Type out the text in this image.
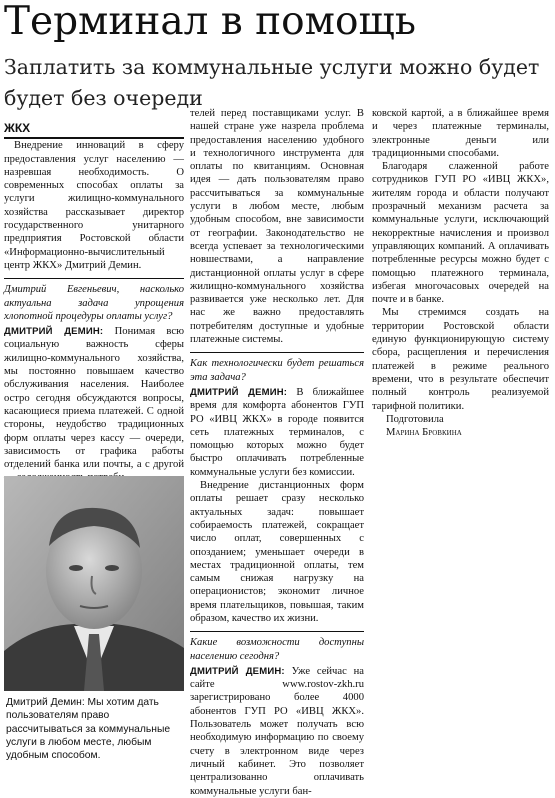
Терминал в помощь
Заплатить за коммунальные услуги можно будет будет без очереди

ЖКХ

Внедрение инноваций в сферу предоставления услуг населению — назревшая необходимость. О современных способах оплаты за услуги жилищно-коммунального хозяйства рассказывает директор государственного унитарного предприятия Ростовской области «Информационно-вычислительный центр ЖКХ» Дмитрий Демин.

Дмитрий Евгеньевич, насколько актуальна задача упрощения хлопотной процедуры оплаты услуг?

ДМИТРИЙ ДЕМИН: Понимая всю социальную важность сферы жилищно-коммунального хозяйства, мы постоянно повышаем качество обслуживания населения. Наиболее остро сегодня обсуждаются вопросы, касающиеся приема платежей. С одной стороны, неудобство традиционных форм оплаты через кассу — очереди, зависимость от графика работы отделений банка или почты, а с другой

Дмитрий Демин: Мы хотим дать пользователям право рассчитываться за коммунальные услуги в любом месте, любым удобным способом.

телей перед поставщиками услуг. В нашей стране уже назрела проблема предоставления населению удобного и технологичного инструмента для оплаты по квитанциям. Основная идея — дать пользователям право рассчитываться за коммунальные услуги в любом месте, любым удобным способом, вне зависимости от географии. Законодательство не всегда успевает за технологическими новшествами, а направление дистанционной оплаты услуг в сфере жилищно-коммунального хозяйства развивается уже несколько лет. Для нас же важно предоставлять потребителям доступные и удобные платежные системы.

Как технологически будет решаться эта задача?

ДМИТРИЙ ДЕМИН: В ближайшее время для комфорта абонентов ГУП РО «ИВЦ ЖКХ» в городе появится сеть платежных терминалов, с помощью которых можно будет быстро оплачивать потребленные коммунальные услуги без комиссии.

Внедрение дистанционных форм оплаты решает сразу несколько актуальных задач: повышает собираемость платежей, сокращает число оплат, совершенных с опозданием; уменьшает очереди в местах традиционной оплаты, тем самым снижая нагрузку на операционистов; экономит личное время плательщиков, повышая, таким образом, качество их жизни.

Какие возможности доступны населению сегодня?

ДМИТРИЙ ДЕМИН: Уже сейчас на сайте www.rostov-zkh.ru зарегистрировано более 4000 абонентов ГУП РО «ИВЦ ЖКХ». Пользователь может получать всю необходимую информацию по своему счету в электронном виде через личный кабинет. Это позволяет централизованно оплачивать коммунальные услуги бан-

ковской картой, а в ближайшее время и через платежные терминалы, электронные деньги или традиционными способами.

Благодаря слаженной работе сотрудников ГУП РО «ИВЦ ЖКХ», жителям города и области получают прозрачный механизм расчета за коммунальные услуги, исключающий некорректные начисления и произвол управляющих компаний. А оплачивать потребленные ресурсы можно будет с помощью платежного терминала, избегая многочасовых очередей на почте и в банке.

Мы стремимся создать на территории Ростовской области единую функционирующую систему сбора, расщепления и перечисления платежей в режиме реального времени, что в результате обеспечит полный контроль реализуемой тарифной политики.

Подготовила

Марина Бровкина
